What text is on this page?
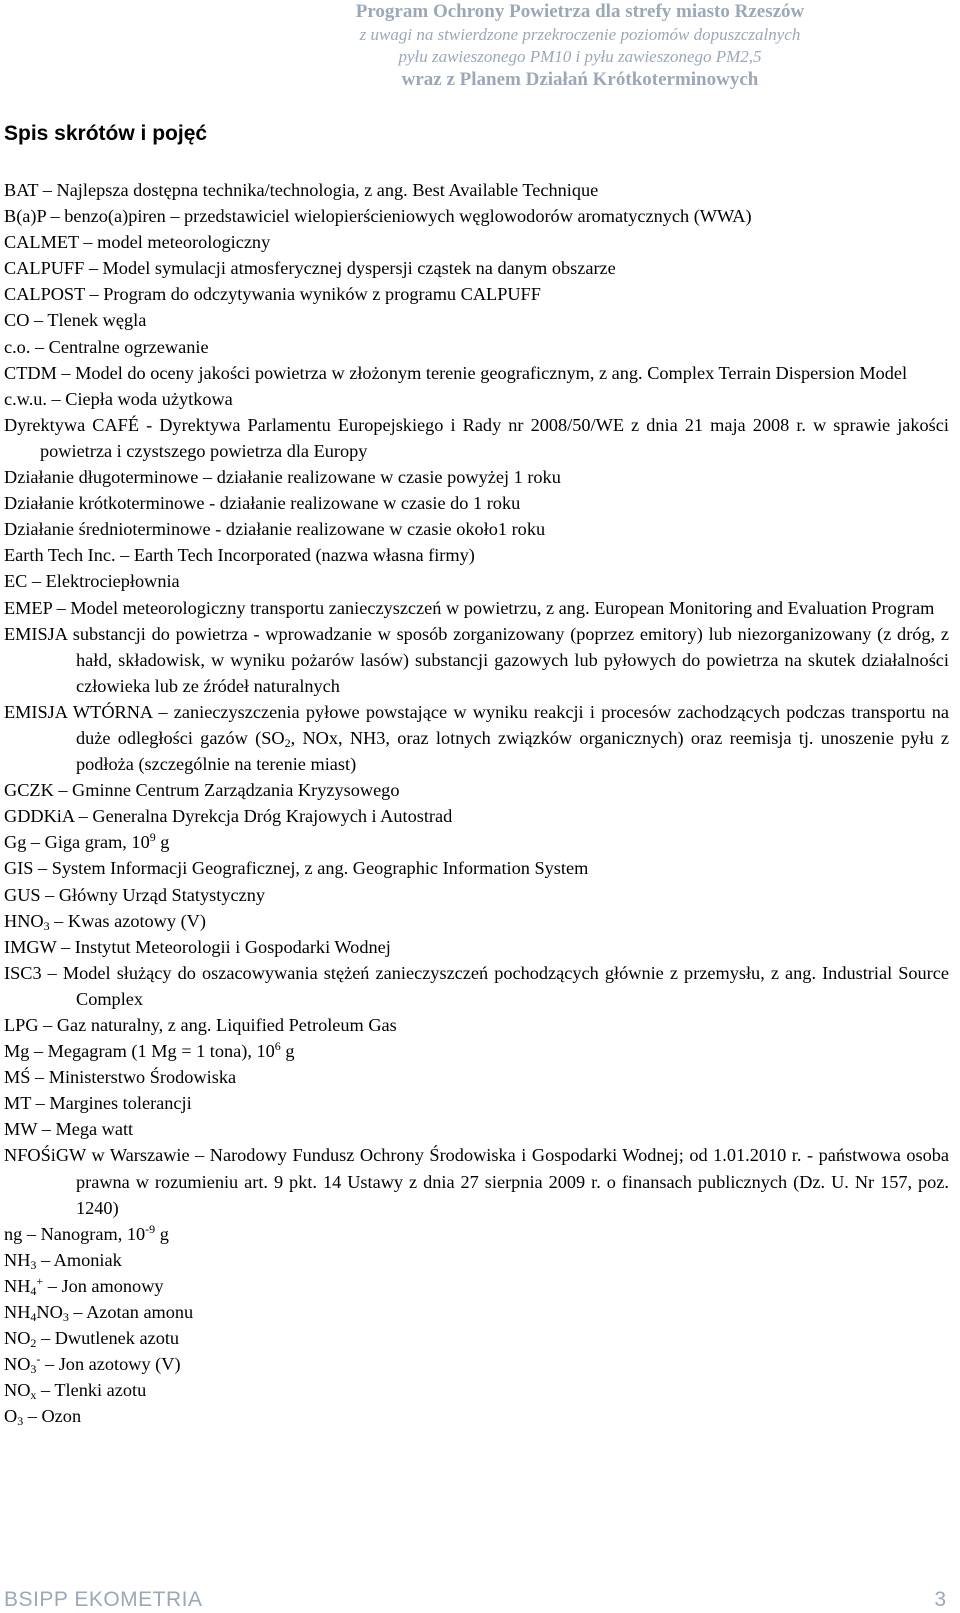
Program Ochrony Powietrza dla strefy miasto Rzeszów
z uwagi na stwierdzone przekroczenie poziomów dopuszczalnych
pyłu zawieszonego PM10 i pyłu zawieszonego PM2,5
wraz z Planem Działań Krótkoterminowych
Spis skrótów i pojęć
BAT – Najlepsza dostępna technika/technologia, z ang. Best Available Technique
B(a)P – benzo(a)piren – przedstawiciel wielopierścieniowych węglowodorów aromatycznych (WWA)
CALMET – model meteorologiczny
CALPUFF – Model symulacji atmosferycznej dyspersji cząstek na danym obszarze
CALPOST – Program do odczytywania wyników z programu CALPUFF
CO – Tlenek węgla
c.o. – Centralne ogrzewanie
CTDM – Model do oceny jakości powietrza w złożonym terenie geograficznym, z ang. Complex Terrain Dispersion Model
c.w.u. – Ciepła woda użytkowa
Dyrektywa CAFÉ - Dyrektywa Parlamentu Europejskiego i Rady nr 2008/50/WE z dnia 21 maja 2008 r. w sprawie jakości powietrza i czystszego powietrza dla Europy
Działanie długoterminowe – działanie realizowane w czasie powyżej 1 roku
Działanie krótkoterminowe - działanie realizowane w czasie do 1 roku
Działanie średnioterminowe - działanie realizowane w czasie około1 roku
Earth Tech Inc. – Earth Tech Incorporated (nazwa własna firmy)
EC – Elektrociepłownia
EMEP – Model meteorologiczny transportu zanieczyszczeń w powietrzu, z ang. European Monitoring and Evaluation Program
EMISJA substancji do powietrza - wprowadzanie w sposób zorganizowany (poprzez emitory) lub niezorganizowany (z dróg, z hałd, składowisk, w wyniku pożarów lasów) substancji gazowych lub pyłowych do powietrza na skutek działalności człowieka lub ze źródeł naturalnych
EMISJA WTÓRNA – zanieczyszczenia pyłowe powstające w wyniku reakcji i procesów zachodzących podczas transportu na duże odległości gazów ($SO_2$, NOx, NH3, oraz lotnych związków organicznych) oraz reemisja tj. unoszenie pyłu z podłoża (szczególnie na terenie miast)
GCZK – Gminne Centrum Zarządzania Kryzysowego
GDDKiA – Generalna Dyrekcja Dróg Krajowych i Autostrad
Gg – Giga gram, $10^9$ g
GIS – System Informacji Geograficznej, z ang. Geographic Information System
GUS – Główny Urząd Statystyczny
$HNO_3$ – Kwas azotowy (V)
IMGW – Instytut Meteorologii i Gospodarki Wodnej
ISC3 – Model służący do oszacowywania stężeń zanieczyszczeń pochodzących głównie z przemysłu, z ang. Industrial Source Complex
LPG – Gaz naturalny, z ang. Liquified Petroleum Gas
Mg – Megagram (1 Mg = 1 tona), $10^6$ g
MŚ – Ministerstwo Środowiska
MT – Margines tolerancji
MW – Mega watt
NFOŚiGW w Warszawie – Narodowy Fundusz Ochrony Środowiska i Gospodarki Wodnej; od 1.01.2010 r. - państwowa osoba prawna w rozumieniu art. 9 pkt. 14 Ustawy z dnia 27 sierpnia 2009 r. o finansach publicznych (Dz. U. Nr 157, poz. 1240)
ng – Nanogram, $10^{-9}$ g
$NH_3$ – Amoniak
$NH_4^+$ – Jon amonowy
$NH_4NO_3$ – Azotan amonu
$NO_2$ – Dwutlenek azotu
$NO_3^-$ – Jon azotowy (V)
$NO_x$ – Tlenki azotu
$O_3$ – Ozon
BSIPP EKOMETRIA	3
